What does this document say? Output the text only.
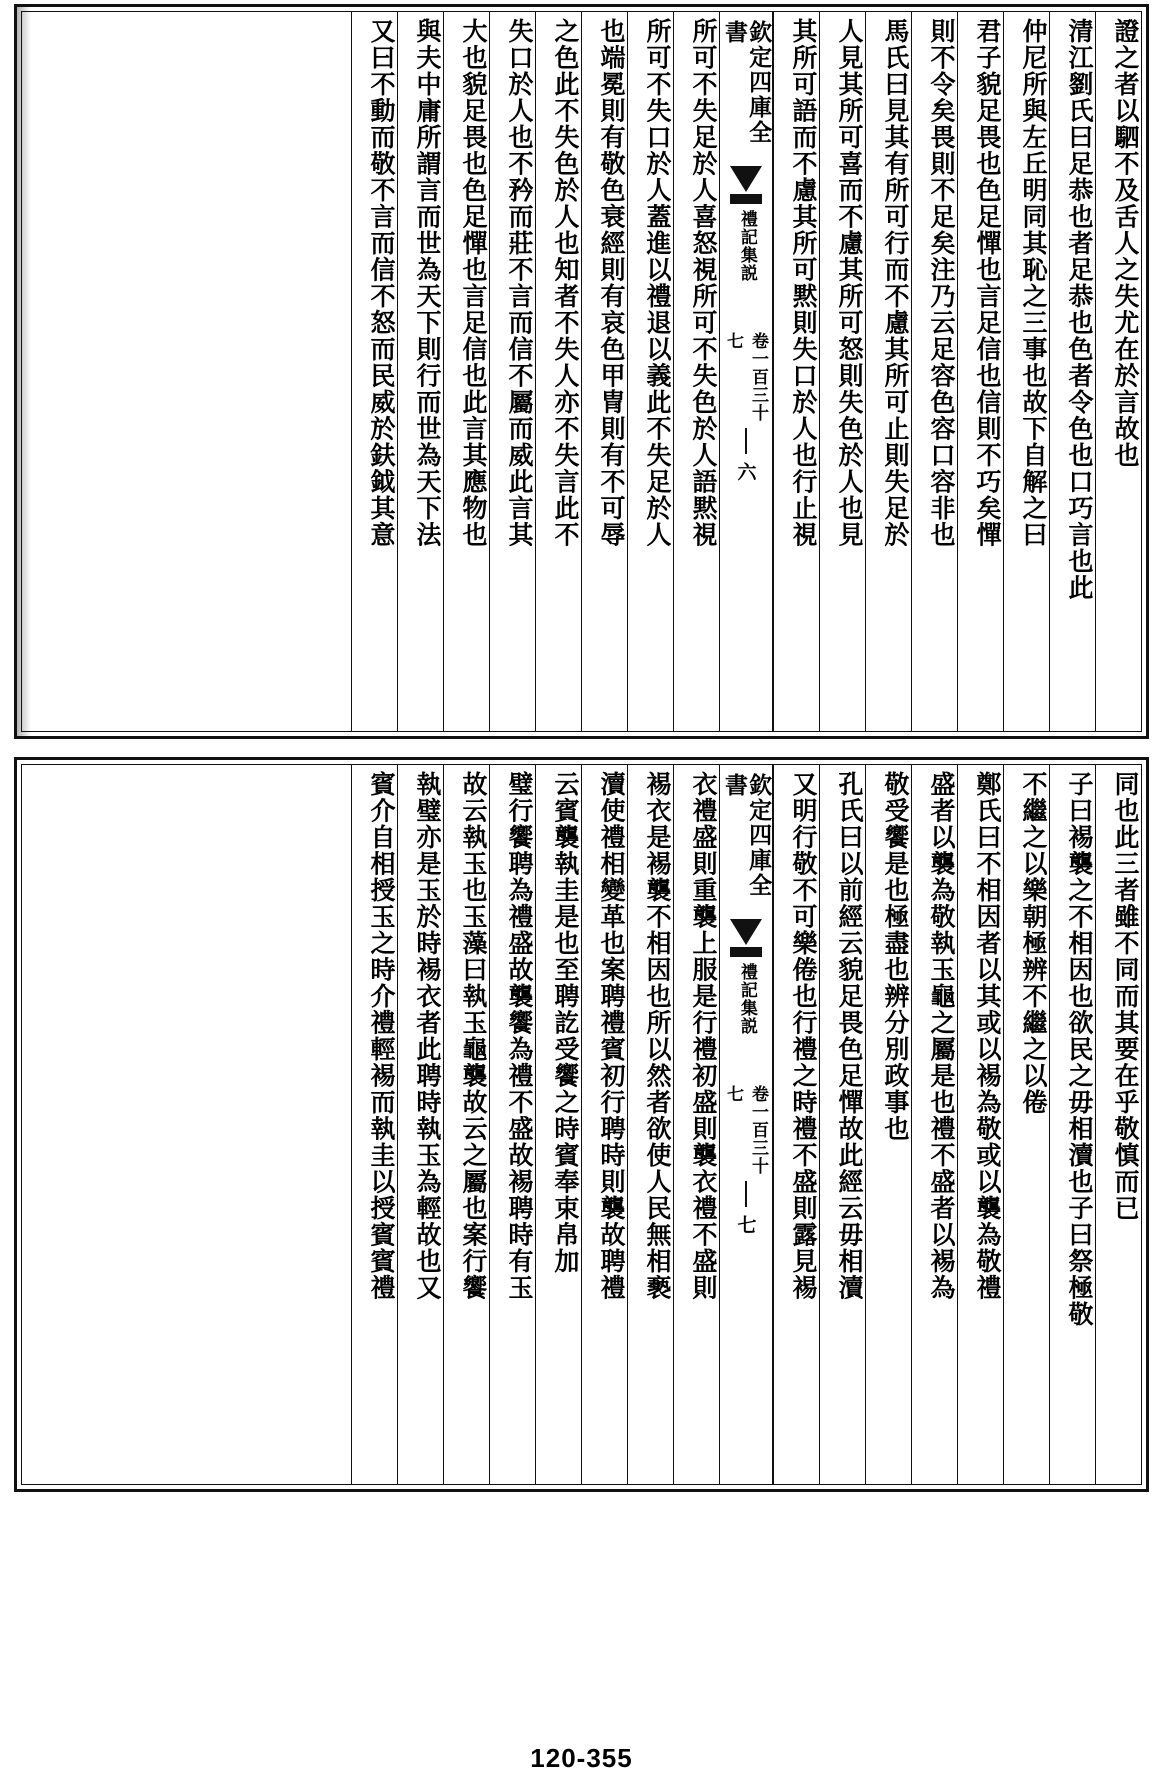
證之者以駟不及舌人之失尤在於言故也
清江劉氏曰足恭也者足恭也色者令色也口巧言也此
仲尼所與左丘明同其恥之三事也故下自解之曰
君子貌足畏也色足憚也言足信也信則不巧矣憚
則不令矣畏則不足矣注乃云足容色容口容非也
馬氏曰見其有所可行而不慮其所可止則失足於
人見其所可喜而不慮其所可怒則失色於人也見
其所可語而不慮其所可黙則失口於人也行止視
欽定四庫全書
禮記集説
卷一百三十七
六
所可不失足於人喜怒視所可不失色於人語黙視
所可不失口於人蓋進以禮退以義此不失足於人
也端冕則有敬色衰經則有哀色甲冑則有不可辱
之色此不失色於人也知者不失人亦不失言此不
失口於人也不矜而莊不言而信不屬而威此言其
大也貌足畏也色足憚也言足信也此言其應物也
與夫中庸所謂言而世為天下則行而世為天下法
又曰不動而敬不言而信不怒而民威於鈇鉞其意
同也此三者雖不同而其要在乎敬慎而已
子曰裼襲之不相因也欲民之毋相瀆也子曰祭極敬
不繼之以樂朝極辨不繼之以倦
鄭氏曰不相因者以其或以裼為敬或以襲為敬禮
盛者以襲為敬執玉龜之屬是也禮不盛者以裼為
敬受饗是也極盡也辨分別政事也
孔氏曰以前經云貌足畏色足憚故此經云毋相瀆
又明行敬不可樂倦也行禮之時禮不盛則露見裼
欽定四庫全書
禮記集説
卷一百三十七
七
衣禮盛則重襲上服是行禮初盛則襲衣禮不盛則
裼衣是裼襲不相因也所以然者欲使人民無相褻
瀆使禮相變革也案聘禮賓初行聘時則襲故聘禮
云賓襲執圭是也至聘訖受饗之時賓奉束帛加
璧行饗聘為禮盛故襲饗為禮不盛故裼聘時有玉
故云執玉也玉藻曰執玉龜襲故云之屬也案行饗
執璧亦是玉於時裼衣者此聘時執玉為輕故也又
賓介自相授玉之時介禮輕裼而執圭以授賓賓禮
120-355
